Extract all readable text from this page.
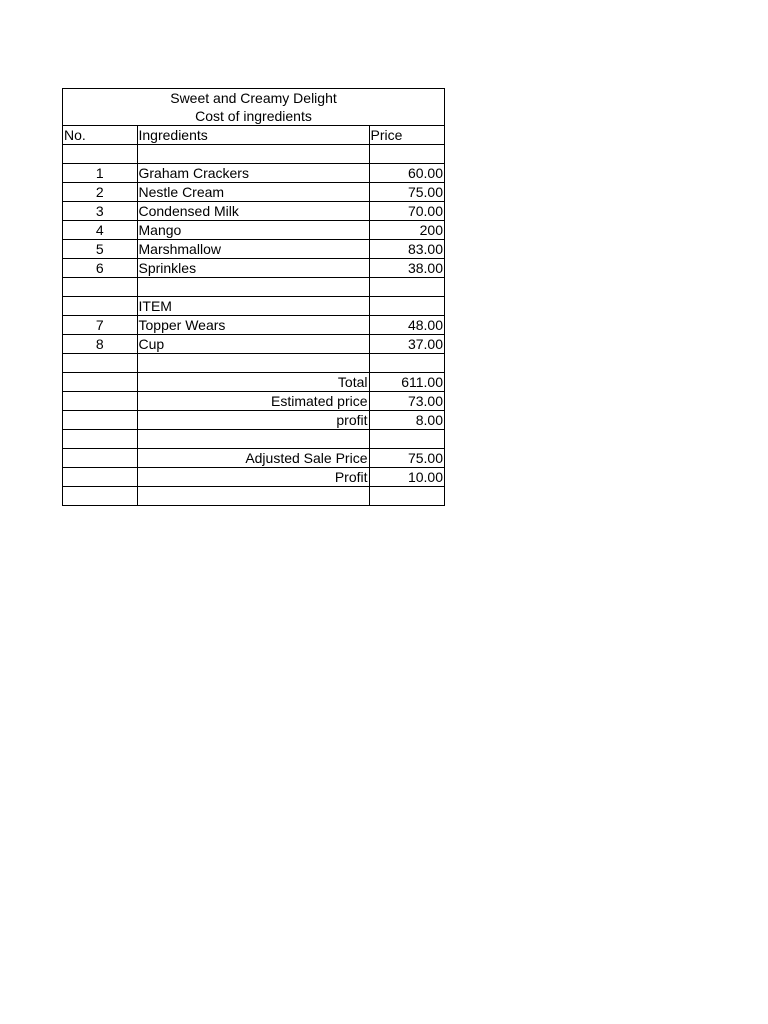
Sweet and Creamy Delight
Cost of ingredients
No.	Ingredients	Price

1	Graham Crackers	60.00
2	Nestle Cream	75.00
3	Condensed Milk	70.00
4	Mango	200
5	Marshmallow	83.00
6	Sprinkles	38.00

	ITEM	
7	Topper Wears	48.00
8	Cup	37.00

	Total	611.00
	Estimated price	73.00
	profit	8.00

	Adjusted Sale Price	75.00
	Profit	10.00
